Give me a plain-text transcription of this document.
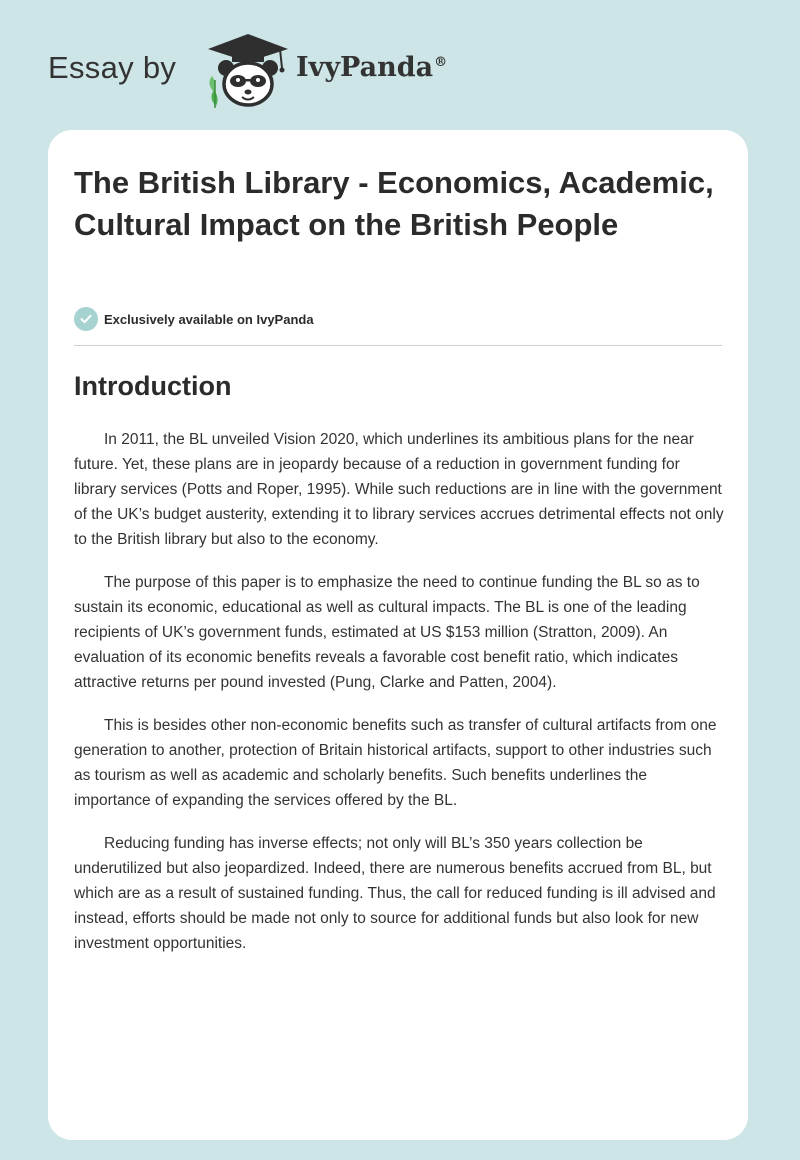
Essay by	IvyPanda®
The British Library - Economics, Academic, Cultural Impact on the British People
Exclusively available on IvyPanda
Introduction

In 2011, the BL unveiled Vision 2020, which underlines its ambitious plans for the near future. Yet, these plans are in jeopardy because of a reduction in government funding for library services (Potts and Roper, 1995). While such reductions are in line with the government of the UK’s budget austerity, extending it to library services accrues detrimental effects not only to the British library but also to the economy.

The purpose of this paper is to emphasize the need to continue funding the BL so as to sustain its economic, educational as well as cultural impacts. The BL is one of the leading recipients of UK’s government funds, estimated at US $153 million (Stratton, 2009). An evaluation of its economic benefits reveals a favorable cost benefit ratio, which indicates attractive returns per pound invested (Pung, Clarke and Patten, 2004).

This is besides other non-economic benefits such as transfer of cultural artifacts from one generation to another, protection of Britain historical artifacts, support to other industries such as tourism as well as academic and scholarly benefits. Such benefits underlines the importance of expanding the services offered by the BL.

Reducing funding has inverse effects; not only will BL’s 350 years collection be underutilized but also jeopardized. Indeed, there are numerous benefits accrued from BL, but which are as a result of sustained funding. Thus, the call for reduced funding is ill advised and instead, efforts should be made not only to source for additional funds but also look for new investment opportunities.
